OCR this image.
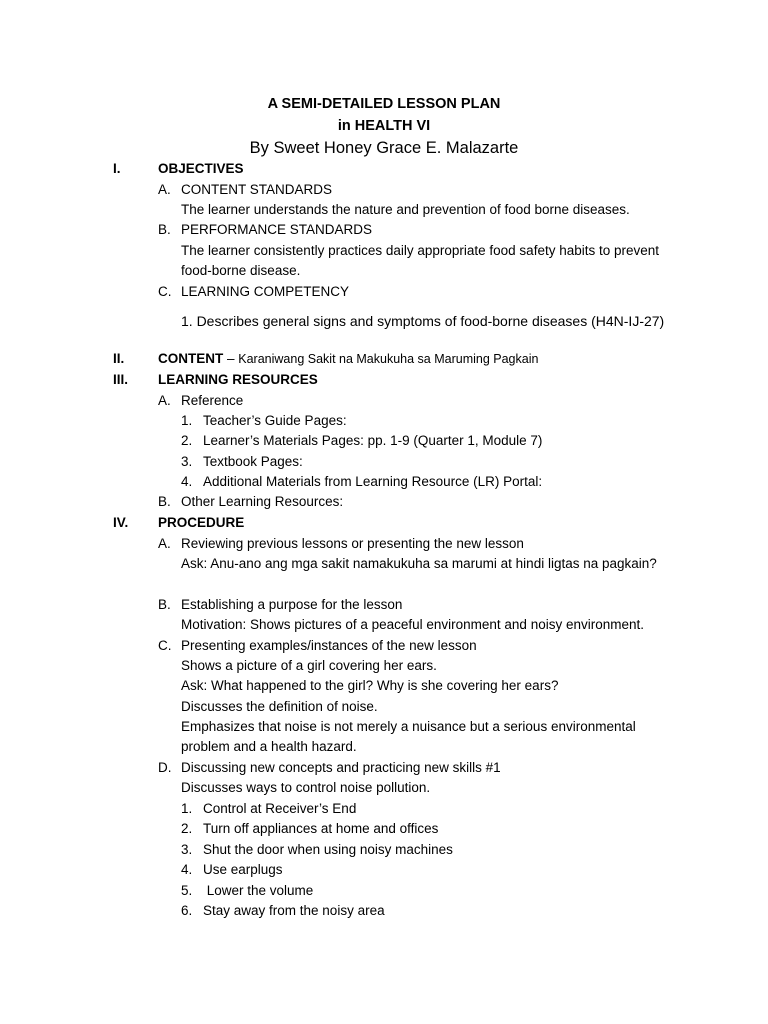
A SEMI-DETAILED LESSON PLAN
in HEALTH VI
By Sweet Honey Grace E. Malazarte
I.	OBJECTIVES
A. CONTENT STANDARDS
The learner understands the nature and prevention of food borne diseases.
B. PERFORMANCE STANDARDS
The learner consistently practices daily appropriate food safety habits to prevent
food-borne disease.
C. LEARNING COMPETENCY
1. Describes general signs and symptoms of food-borne diseases (H4N-IJ-27)
II. CONTENT – Karaniwang Sakit na Makukuha sa Maruming Pagkain
III. LEARNING RESOURCES
A. Reference
1. Teacher’s Guide Pages:
2. Learner’s Materials Pages: pp. 1-9 (Quarter 1, Module 7)
3. Textbook Pages:
4. Additional Materials from Learning Resource (LR) Portal:
B. Other Learning Resources:
IV. PROCEDURE
A. Reviewing previous lessons or presenting the new lesson
Ask: Anu-ano ang mga sakit namakukuha sa marumi at hindi ligtas na pagkain?
B. Establishing a purpose for the lesson
Motivation: Shows pictures of a peaceful environment and noisy environment.
C. Presenting examples/instances of the new lesson
Shows a picture of a girl covering her ears.
Ask: What happened to the girl? Why is she covering her ears?
Discusses the definition of noise.
Emphasizes that noise is not merely a nuisance but a serious environmental
problem and a health hazard.
D. Discussing new concepts and practicing new skills #1
Discusses ways to control noise pollution.
1. Control at Receiver’s End
2. Turn off appliances at home and offices
3. Shut the door when using noisy machines
4. Use earplugs
5. Lower the volume
6. Stay away from the noisy area
